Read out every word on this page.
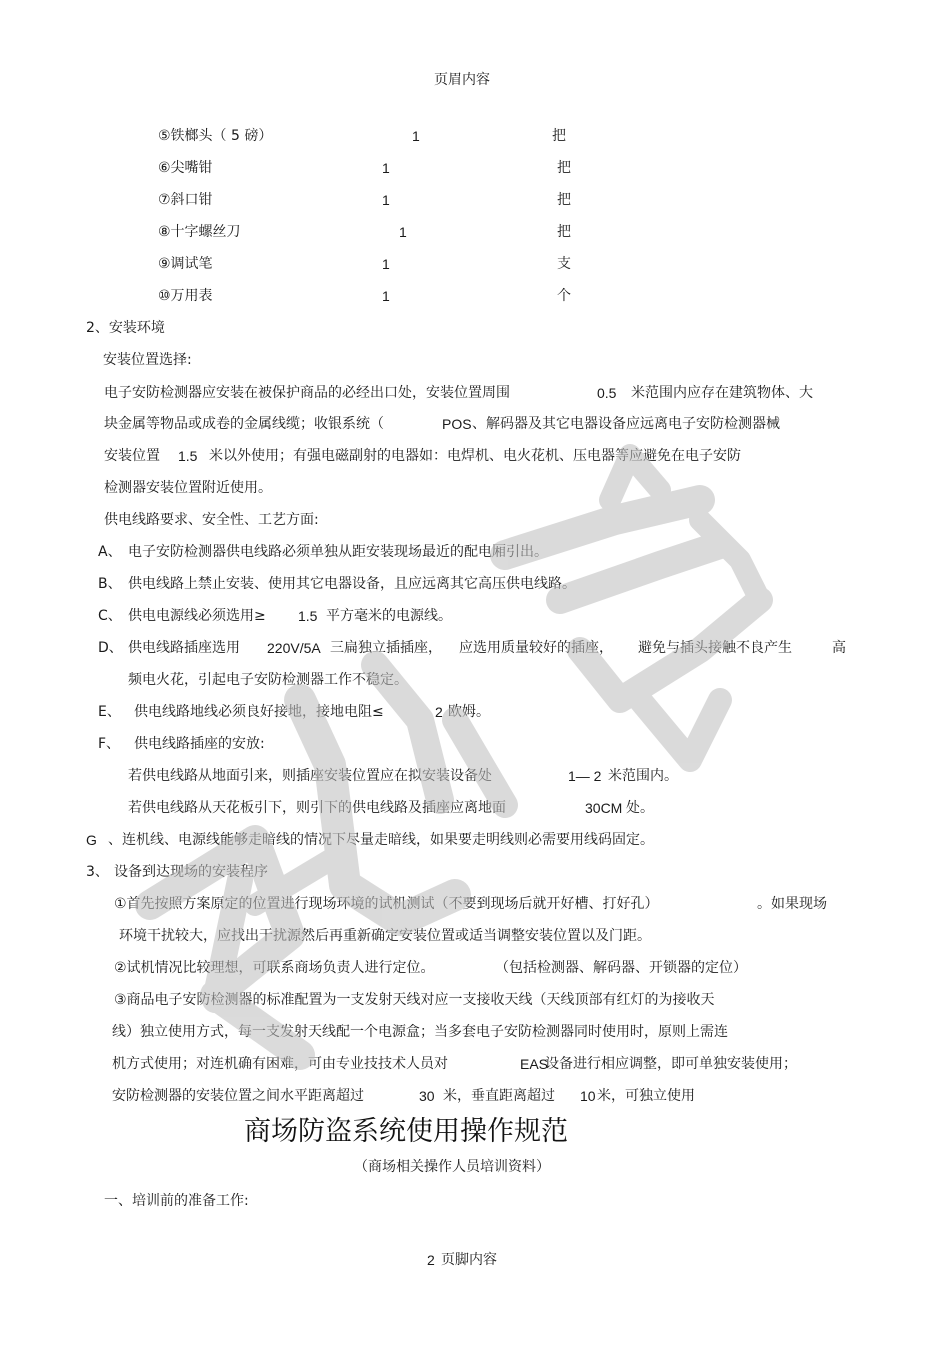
页眉内容
⑤铁榔头（ 5 磅）	1	把
⑥尖嘴钳	1	把
⑦斜口钳	1	把
⑧十字螺丝刀	1	把
⑨调试笔	1	支
⑩万用表	1	个
2、安装环境
安装位置选择:
电子安防检测器应安装在被保护商品的必经出口处，安装位置周围	0.5 米范围内应存在建筑物体、大
块金属等物品或成卷的金属线缆；收银系统（	POS 、解码器及其它电器设备应远离电子安防检测器械
安装位置 1.5 米以外使用；有强电磁副射的电器如：电焊机、电火花机、压电器等应避免在电子安防
检测器安装位置附近使用。
供电线路要求、安全性、工艺方面:
A、 电子安防检测器供电线路必须单独从距安装现场最近的配电厢引出。
B、 供电线路上禁止安装、使用其它电器设备，且应远离其它高压供电线路。
C、 供电电源线必须选用≥ 1.5 平方毫米的电源线。
D、 供电线路插座选用 220V/5A 三扁独立插插座， 应选用质量较好的插座， 避免与插头接触不良产生	高
频电火花，引起电子安防检测器工作不稳定。
E、 供电线路地线必须良好接地，接地电阻≤	2 欧姆。
F、 供电线路插座的安放:
若供电线路从地面引来，则插座安装位置应在拟安装设备处	1— 2 米范围内。
若供电线路从天花板引下，则引下的供电线路及插座应离地面	30CM 处。
G 、连机线、电源线能够走暗线的情况下尽量走暗线，如果要走明线则必需要用线码固定。
3、 设备到达现场的安装程序
①首先按照方案原定的位置进行现场环境的试机测试（不要到现场后就开好槽、打好孔）	。如果现场
环境干扰较大，应找出干扰源然后再重新确定安装位置或适当调整安装位置以及门距。
②试机情况比较理想，可联系商场负责人进行定位。	（包括检测器、解码器、开锁器的定位）
③商品电子安防检测器的标准配置为一支发射天线对应一支接收天线（天线顶部有红灯的为接收天
线）独立使用方式，每一支发射天线配一个电源盒；当多套电子安防检测器同时使用时，原则上需连
机方式使用；对连机确有困难，可由专业技技术人员对	EAS
设备进行相应调整，即可单独安装使用；
安防检测器的安装位置之间水平距离超过	30 米，垂直距离超过 10 米，可独立使用
商场防盗系统使用操作规范
（商场相关操作人员培训资料）
一、培训前的准备工作:
2 页脚内容
